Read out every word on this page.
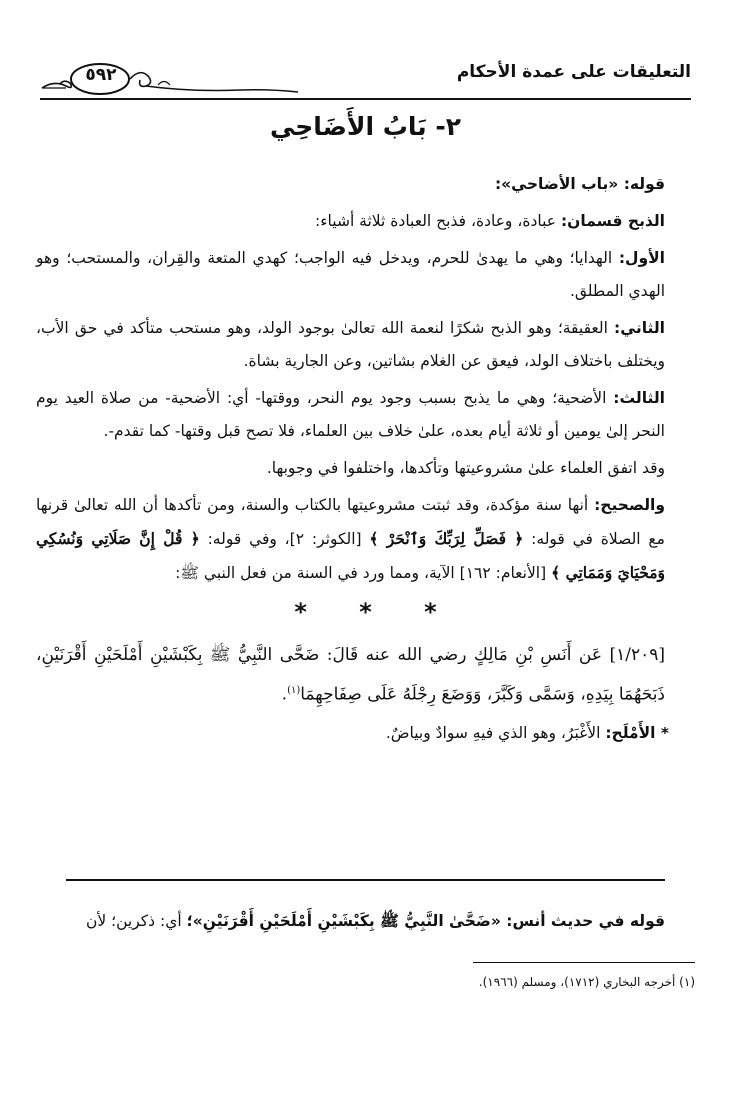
٥٩٢	التعليقات على عمدة الأحكام
٢- بَابُ الأَضَاحِي

قوله: «باب الأضاحي»:

الذبح قسمان: عبادة، وعادة، فذبح العبادة ثلاثة أشياء:

الأول: الهدايا؛ وهي ما يهدىٰ للحرم، ويدخل فيه الواجب؛ كهدي المتعة والقِران، والمستحب؛ وهو الهدي المطلق.

الثاني: العقيقة؛ وهو الذبح شكرًا لنعمة الله تعالىٰ بوجود الولد، وهو مستحب متأكد في حق الأب، ويختلف باختلاف الولد، فيعق عن الغلام بشاتين، وعن الجارية بشاة.

الثالث: الأضحية؛ وهي ما يذبح بسبب وجود يوم النحر، ووقتها- أي: الأضحية- من صلاة العيد يوم النحر إلىٰ يومين أو ثلاثة أيام بعده، علىٰ خلاف بين العلماء، فلا تصح قبل وقتها- كما تقدم-.

وقد اتفق العلماء علىٰ مشروعيتها وتأكدها، واختلفوا في وجوبها.

والصحيح: أنها سنة مؤكدة، وقد ثبتت مشروعيتها بالكتاب والسنة، ومن تأكدها أن الله تعالىٰ قرنها مع الصلاة في قوله: ﴿ فَصَلِّ لِرَبِّكَ وَٱنْحَرْ ﴾ [الكوثر: ٢]، وفي قوله: ﴿ قُلْ إِنَّ صَلَاتِي وَنُسُكِي وَمَحْيَايَ وَمَمَاتِي ﴾ [الأنعام: ١٦٢] الآية، ومما ورد في السنة من فعل النبي ﷺ:

* * *

[١/٢٠٩] عَن أَنَسِ بْنِ مَالِكٍ رضي الله عنه قَالَ: ضَحَّى النَّبِيُّ ﷺ بِكَبْشَيْنِ أَمْلَحَيْنِ أَقْرَنَيْنِ، ذَبَحَهُمَا بِيَدِهِ، وَسَمَّى وَكَبَّرَ، وَوَضَعَ رِجْلَهُ عَلَى صِفَاحِهِمَا$^{(١)}$.

* الأَمْلَح: الأَغْبَرُ، وهو الذي فيهِ سوادٌ وبياضٌ.

قوله في حديث أنس: «ضَحَّىٰ النَّبِيُّ ﷺ بِكَبْشَيْنِ أَمْلَحَيْنِ أَقْرَنَيْنِ»؛ أي: ذكرين؛ لأن
(١) أخرجه البخاري (١٧١٢)، ومسلم (١٩٦٦).
